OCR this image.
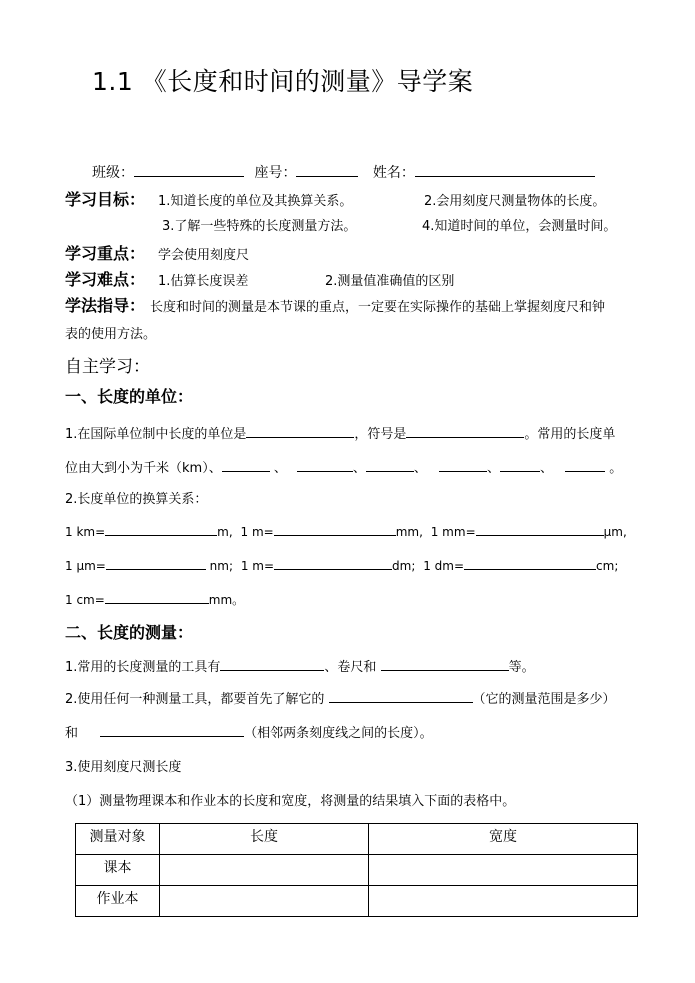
1.1 《长度和时间的测量》导学案
班级：	座号：	姓名：
学习目标： 1.知道长度的单位及其换算关系。	2.会用刻度尺测量物体的长度。
3.了解一些特殊的长度测量方法。	4.知道时间的单位，会测量时间。
学习重点： 学会使用刻度尺
学习难点： 1.估算长度误差	2.测量值准确值的区别
学法指导： 长度和时间的测量是本节课的重点，一定要在实际操作的基础上掌握刻度尺和钟
表的使用方法。
自主学习：
一、长度的单位：
1.在国际单位制中长度的单位是	，符号是	。常用的长度单
位由大到小为千米（km）、	、	、	、	、	、	。
2.长度单位的换算关系：
1 km=	m, 1 m=	mm, 1 mm=	μm,
1 μm=	nm; 1 m=	dm; 1 dm=	cm;
1 cm=	mm。
二、长度的测量：
1.常用的长度测量的工具有	、卷尺和	等。
2.使用任何一种测量工具，都要首先了解它的	（它的测量范围是多少）
和	（相邻两条刻度线之间的长度）。
3.使用刻度尺测长度
（1）测量物理课本和作业本的长度和宽度，将测量的结果填入下面的表格中。
测量对象	长度	宽度
课本		
作业本		
